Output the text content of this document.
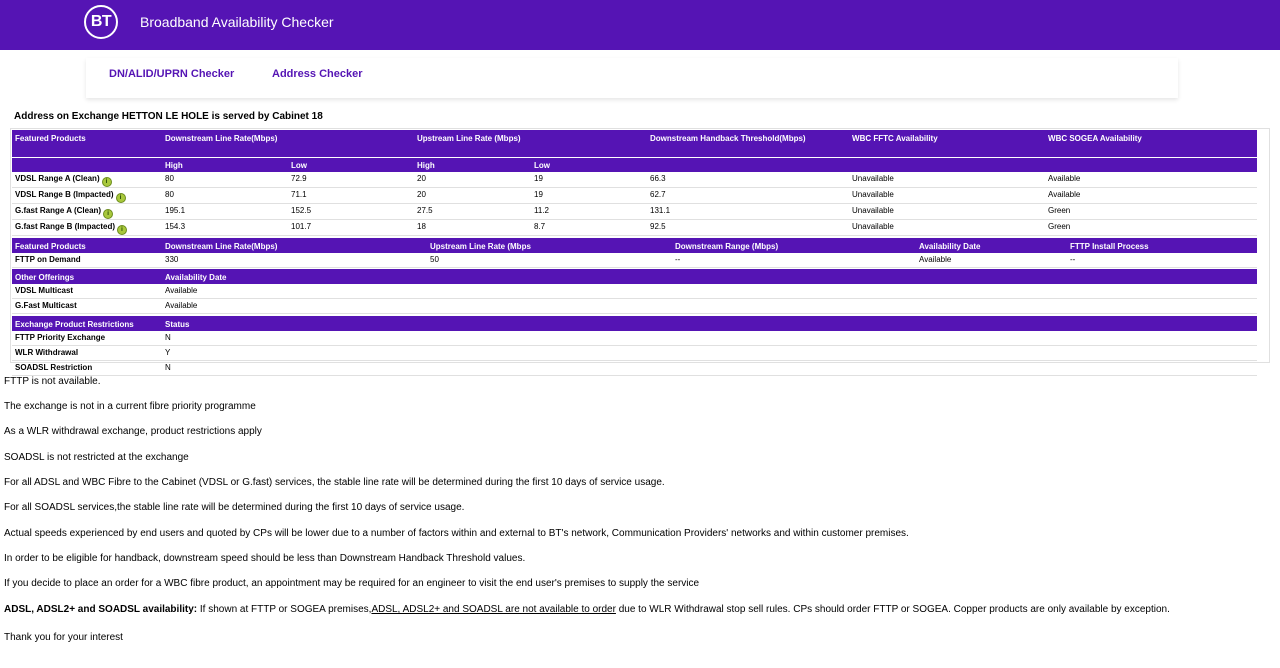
BT	Broadband Availability Checker
DN/ALID/UPRN Checker	Address Checker
Address on Exchange HETTON LE HOLE is served by Cabinet 18
Featured Products	Downstream Line Rate(Mbps)		Upstream Line Rate (Mbps)		Downstream Handback Threshold(Mbps)	WBC FFTC Availability	WBC SOGEA Availability
	High	Low	High	Low			
VDSL Range A (Clean) i	80	72.9	20	19	66.3	Unavailable	Available
VDSL Range B (Impacted) i	80	71.1	20	19	62.7	Unavailable	Available
G.fast Range A (Clean) i	195.1	152.5	27.5	11.2	131.1	Unavailable	Green
G.fast Range B (Impacted) i	154.3	101.7	18	8.7	92.5	Unavailable	Green
Featured Products	Downstream Line Rate(Mbps)	Upstream Line Rate (Mbps	Downstream Range (Mbps)	Availability Date	FTTP Install Process
FTTP on Demand	330	50	--	Available	--
Other Offerings	Availability Date
VDSL Multicast	Available
G.Fast Multicast	Available
Exchange Product Restrictions	Status
FTTP Priority Exchange	N
WLR Withdrawal	Y
SOADSL Restriction	N
FTTP is not available.
The exchange is not in a current fibre priority programme
As a WLR withdrawal exchange, product restrictions apply
SOADSL is not restricted at the exchange
For all ADSL and WBC Fibre to the Cabinet (VDSL or G.fast) services, the stable line rate will be determined during the first 10 days of service usage.
For all SOADSL services,the stable line rate will be determined during the first 10 days of service usage.
Actual speeds experienced by end users and quoted by CPs will be lower due to a number of factors within and external to BT's network, Communication Providers' networks and within customer premises.
In order to be eligible for handback, downstream speed should be less than Downstream Handback Threshold values.
If you decide to place an order for a WBC fibre product, an appointment may be required for an engineer to visit the end user's premises to supply the service
ADSL, ADSL2+ and SOADSL availability: If shown at FTTP or SOGEA premises,ADSL, ADSL2+ and SOADSL are not available to order due to WLR Withdrawal stop sell rules. CPs should order FTTP or SOGEA. Copper products are only available by exception.
Thank you for your interest
